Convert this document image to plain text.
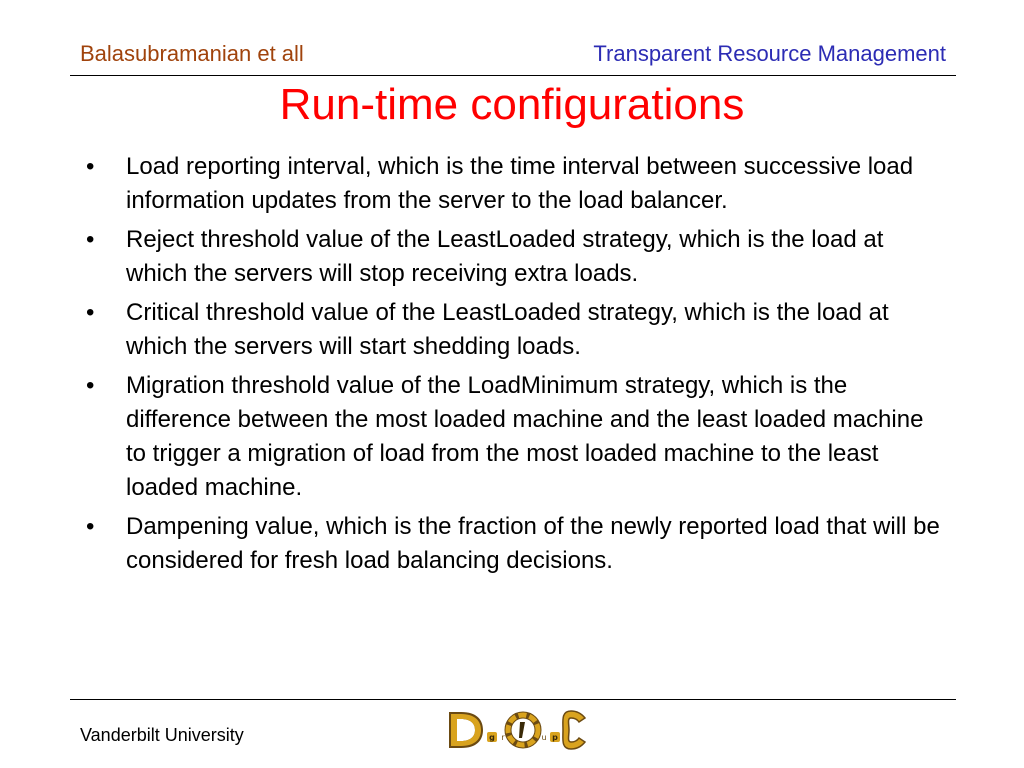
Balasubramanian et all	Transparent Resource Management
Run-time configurations
•	Load reporting interval, which is the time interval between successive load information updates from the server to the load balancer.
•	Reject threshold value of the LeastLoaded strategy, which is the load at which the servers will stop receiving extra loads.
•	Critical threshold value of the LeastLoaded strategy, which is the load at which the servers will start shedding loads.
•	Migration threshold value of the LoadMinimum strategy, which is the difference between the most loaded machine and the least loaded machine to trigger a migration of load from the most loaded machine to the least loaded machine.
•	Dampening value, which is the fraction of the newly reported load that will be considered for fresh load balancing decisions.
Vanderbilt University	g r	u p
